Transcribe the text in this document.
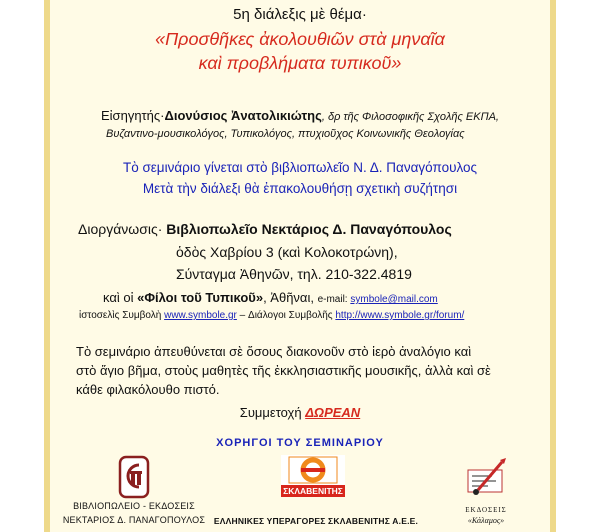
5η διάλεξις μὲ θέμα·
«Προσθῆκες ἀκολουθιῶν στὰ μηναῖα
καὶ προβλήματα τυπικοῦ»
Εἰσηγητής·Διονύσιος Ἀνατολικιώτης, δρ τῆς Φιλοσοφικῆς Σχολῆς ΕΚΠΑ,
Βυζαντινο-μουσικολόγος, Τυπικολόγος, πτυχιοῦχος Κοινωνικῆς Θεολογίας
Τὸ σεμινάριο γίνεται στὸ βιβλιοπωλεῖο Ν. Δ. Παναγόπουλος
Μετὰ τὴν διάλεξι θὰ ἐπακολουθήσῃ σχετικὴ συζήτησι
Διοργάνωσις· Βιβλιοπωλεῖο Νεκτάριος Δ. Παναγόπουλος
ὁδὸς Χαβρίου 3 (καὶ Κολοκοτρώνη),
Σύνταγμα Ἀθηνῶν, τηλ. 210-322.4819
καὶ οἱ «Φίλοι τοῦ Τυπικοῦ», Ἀθῆναι, e-mail: symbole@mail.com
ἱστοσελὶς Συμβολὴ www.symbole.gr – Διάλογοι Συμβολῆς http://www.symbole.gr/forum/
Τὸ σεμινάριο ἀπευθύνεται σὲ ὅσους διακονοῦν στὸ ἱερὸ ἀναλόγιο καὶ
στὸ ἅγιο βῆμα, στοὺς μαθητὲς τῆς ἐκκλησιαστικῆς μουσικῆς, ἀλλὰ καὶ σὲ
κάθε φιλακόλουθο πιστό.
Συμμετοχή ΔΩΡΕΑΝ
ΧΟΡΗΓΟΙ ΤΟΥ ΣΕΜΙΝΑΡΙΟΥ
ΒΙΒΛΙΟΠΩΛΕΙΟ - ΕΚΔΟΣΕΙΣ
ΝΕΚΤΑΡΙΟΣ Δ. ΠΑΝΑΓΟΠΟΥΛΟΣ
ΣΚΛΑΒΕΝΙΤΗΣ
ΕΛΛΗΝΙΚΕΣ ΥΠΕΡΑΓΟΡΕΣ ΣΚΛΑΒΕΝΙΤΗΣ Α.Ε.Ε.
ΕΚΔΟΣΕΙΣ
«Κάλαμος»
